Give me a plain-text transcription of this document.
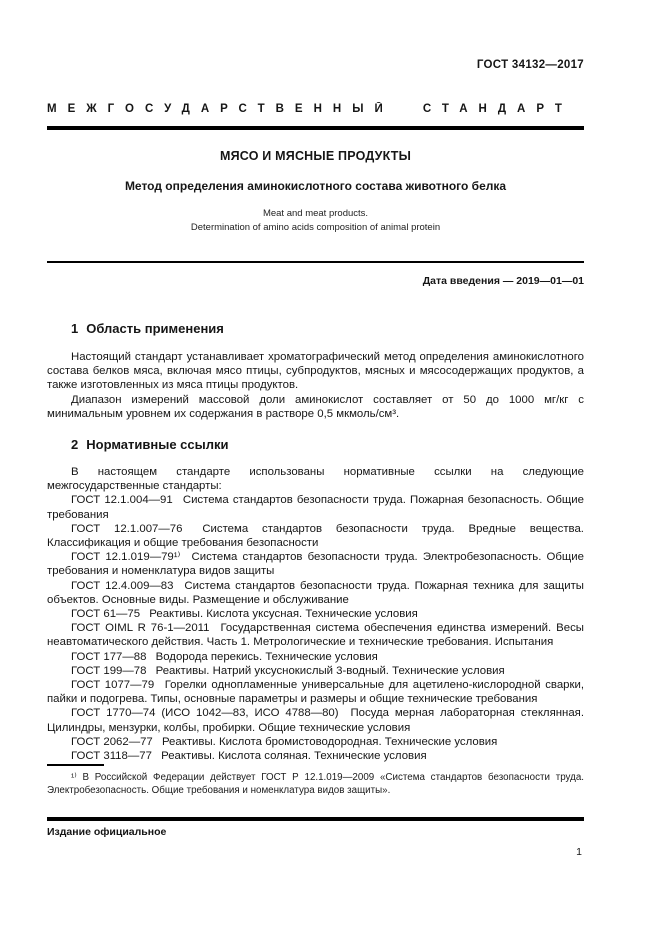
ГОСТ 34132—2017
МЕЖГОСУДАРСТВЕННЫЙ СТАНДАРТ
МЯСО И МЯСНЫЕ ПРОДУКТЫ
Метод определения аминокислотного состава животного белка
Meat and meat products.
Determination of amino acids composition of animal protein
Дата введения — 2019—01—01
1 Область применения

Настоящий стандарт устанавливает хроматографический метод определения аминокислотного состава белков мяса, включая мясо птицы, субпродуктов, мясных и мясосодержащих продуктов, а также изготовленных из мяса птицы продуктов.

Диапазон измерений массовой доли аминокислот составляет от 50 до 1000 мг/кг с минимальным уровнем их содержания в растворе 0,5 мкмоль/см³.

2 Нормативные ссылки

В настоящем стандарте использованы нормативные ссылки на следующие межгосударственные стандарты:

ГОСТ 12.1.004—91 Система стандартов безопасности труда. Пожарная безопасность. Общие требования

ГОСТ 12.1.007—76 Система стандартов безопасности труда. Вредные вещества. Классификация и общие требования безопасности

ГОСТ 12.1.019—79¹⁾ Система стандартов безопасности труда. Электробезопасность. Общие требования и номенклатура видов защиты

ГОСТ 12.4.009—83 Система стандартов безопасности труда. Пожарная техника для защиты объектов. Основные виды. Размещение и обслуживание

ГОСТ 61—75 Реактивы. Кислота уксусная. Технические условия

ГОСТ OIML R 76-1—2011 Государственная система обеспечения единства измерений. Весы неавтоматического действия. Часть 1. Метрологические и технические требования. Испытания

ГОСТ 177—88 Водорода перекись. Технические условия

ГОСТ 199—78 Реактивы. Натрий уксуснокислый 3-водный. Технические условия

ГОСТ 1077—79 Горелки однопламенные универсальные для ацетилено-кислородной сварки, пайки и подогрева. Типы, основные параметры и размеры и общие технические требования

ГОСТ 1770—74 (ИСО 1042—83, ИСО 4788—80) Посуда мерная лабораторная стеклянная. Цилиндры, мензурки, колбы, пробирки. Общие технические условия

ГОСТ 2062—77 Реактивы. Кислота бромистоводородная. Технические условия

ГОСТ 3118—77 Реактивы. Кислота соляная. Технические условия

¹⁾ В Российской Федерации действует ГОСТ Р 12.1.019—2009 «Система стандартов безопасности труда. Электробезопасность. Общие требования и номенклатура видов защиты».

Издание официальное
1
